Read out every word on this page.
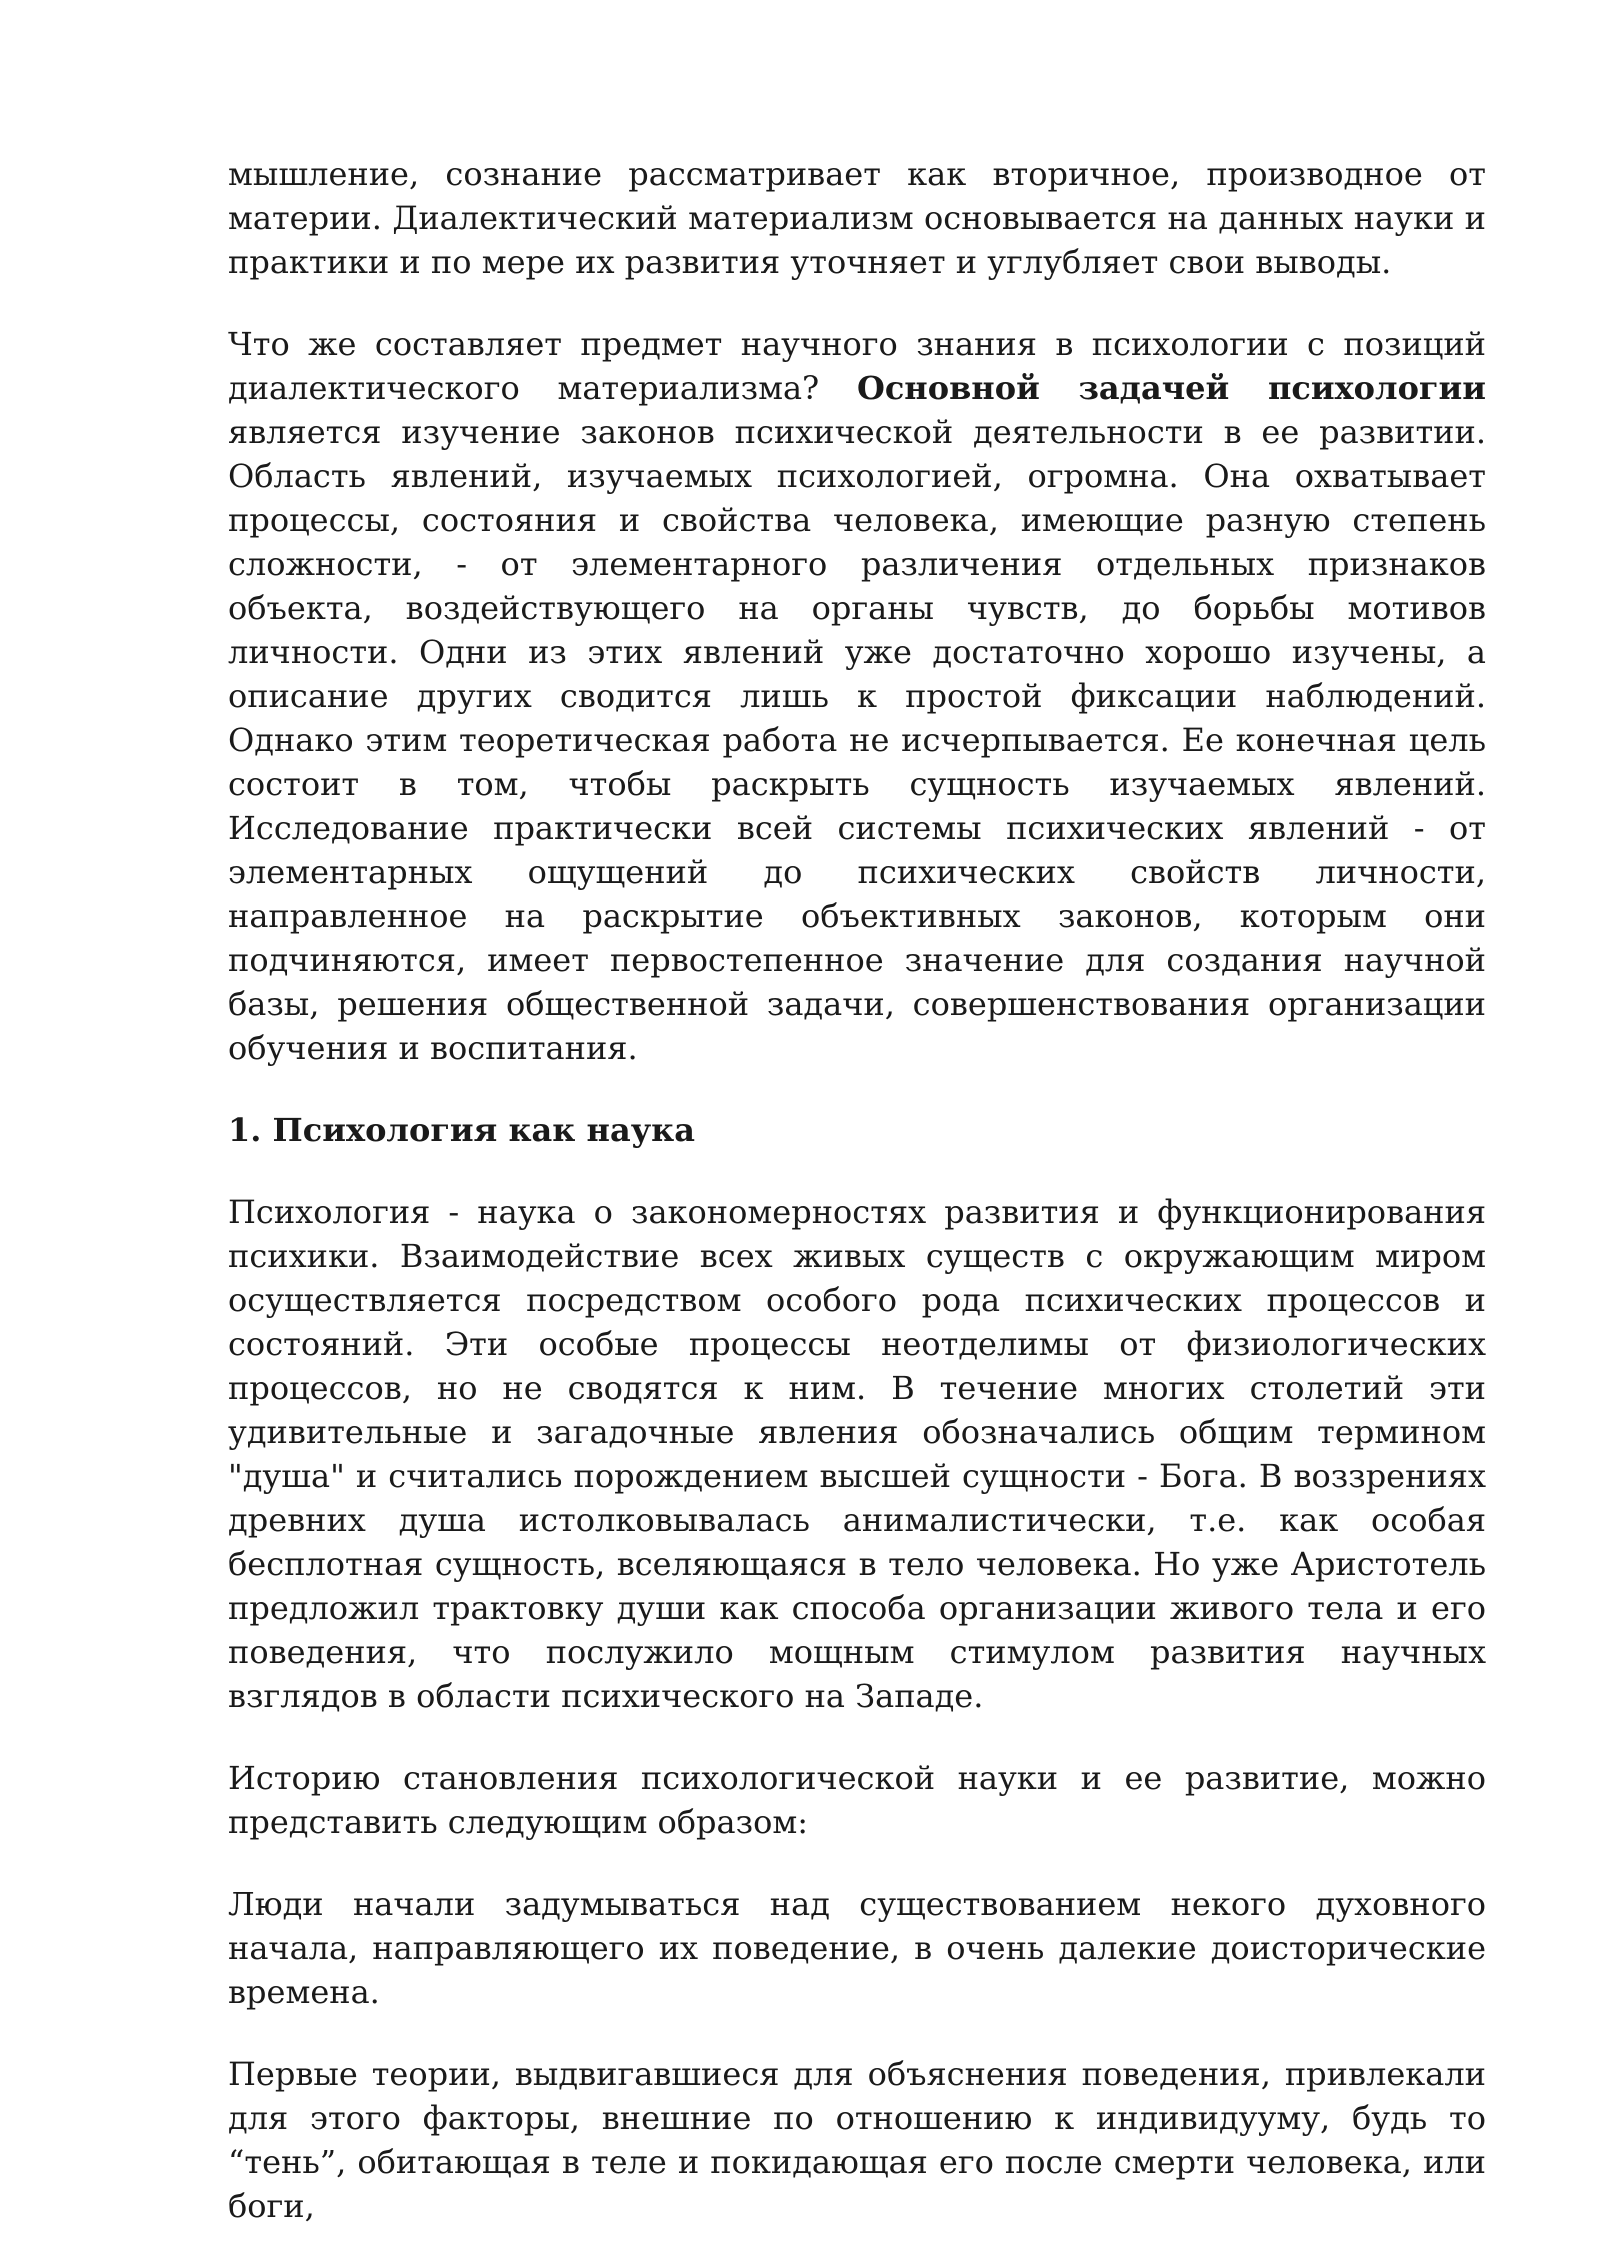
мышление, сознание рассматривает как вторичное, производное от материи. Диалектический материализм основывается на данных науки и практики и по мере их развития уточняет и углубляет свои выводы.

Что же составляет предмет научного знания в психологии с позиций диалектического материализма? Основной задачей психологии является изучение законов психической деятельности в ее развитии. Область явлений, изучаемых психологией, огромна. Она охватывает процессы, состояния и свойства человека, имеющие разную степень сложности, - от элементарного различения отдельных признаков объекта, воздействующего на органы чувств, до борьбы мотивов личности. Одни из этих явлений уже достаточно хорошо изучены, а описание других сводится лишь к простой фиксации наблюдений. Однако этим теоретическая работа не исчерпывается. Ее конечная цель состоит в том, чтобы раскрыть сущность изучаемых явлений. Исследование практически всей системы психических явлений - от элементарных ощущений до психических свойств личности, направленное на раскрытие объективных законов, которым они подчиняются, имеет первостепенное значение для создания научной базы, решения общественной задачи, совершенствования организации обучения и воспитания.

1. Психология как наука

Психология - наука о закономерностях развития и функционирования психики. Взаимодействие всех живых существ с окружающим миром осуществляется посредством особого рода психических процессов и состояний. Эти особые процессы неотделимы от физиологических процессов, но не сводятся к ним. В течение многих столетий эти удивительные и загадочные явления обозначались общим термином "душа" и считались порождением высшей сущности - Бога. В воззрениях древних душа истолковывалась анималистически, т.е. как особая бесплотная сущность, вселяющаяся в тело человека. Но уже Аристотель предложил трактовку души как способа организации живого тела и его поведения, что послужило мощным стимулом развития научных взглядов в области психического на Западе.

Историю становления психологической науки и ее развитие, можно представить следующим образом:

Люди начали задумываться над существованием некого духовного начала, направляющего их поведение, в очень далекие доисторические времена.

Первые теории, выдвигавшиеся для объяснения поведения, привлекали для этого факторы, внешние по отношению к индивидууму, будь то “тень”, обитающая в теле и покидающая его после смерти человека, или боги,
